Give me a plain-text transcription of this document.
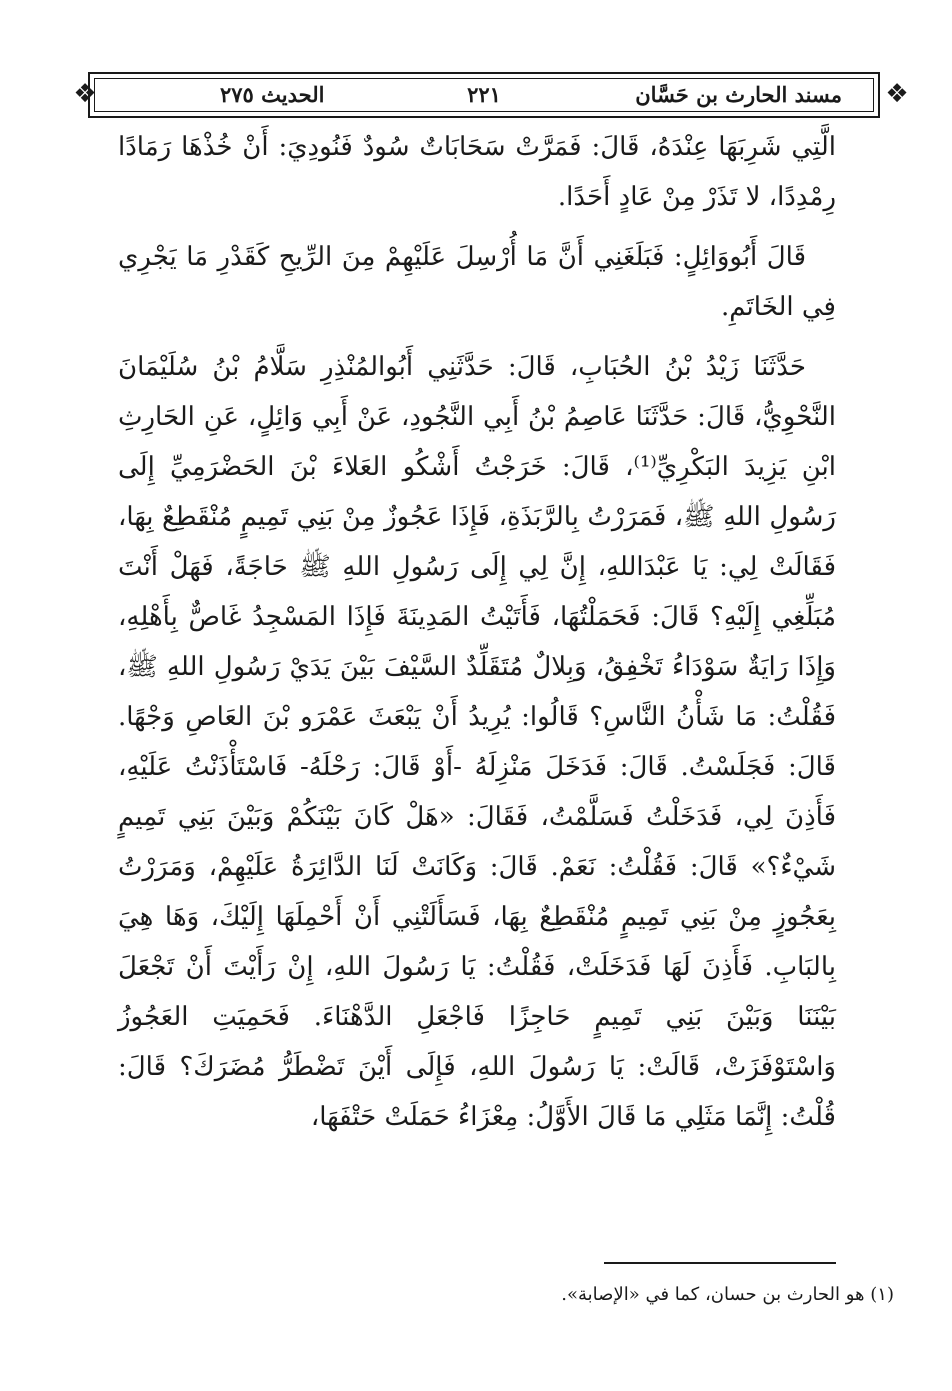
❖	❖
مسند الحارث بن حَسَّان
٢٢١
الحديث ٢٧٥

الَّتِي شَرِبَهَا عِنْدَهُ، قَالَ: فَمَرَّتْ سَحَابَاتٌ سُودٌ فَنُودِيَ: أَنْ خُذْهَا رَمَادًا رِمْدِدًا، لا تَذَرْ مِنْ عَادٍ أَحَدًا.

قَالَ أَبُووَائِلٍ: فَبَلَغَنِي أَنَّ مَا أُرْسِلَ عَلَيْهِمْ مِنَ الرِّيحِ كَقَدْرِ مَا يَجْرِي فِي الخَاتَمِ.

حَدَّثَنَا زَيْدُ بْنُ الحُبَابِ، قَالَ: حَدَّثَنِي أَبُوالمُنْذِرِ سَلَّامُ بْنُ سُلَيْمَانَ النَّحْوِيُّ، قَالَ: حَدَّثَنَا عَاصِمُ بْنُ أَبِي النَّجُودِ، عَنْ أَبِي وَائِلٍ، عَنِ الحَارِثِ ابْنِ يَزِيدَ البَكْرِيِّ⁽¹⁾، قَالَ: خَرَجْتُ أَشْكُو العَلاءَ بْنَ الحَضْرَمِيِّ إِلَى رَسُولِ اللهِ ﷺ، فَمَرَرْتُ بِالرَّبَذَةِ، فَإِذَا عَجُوزٌ مِنْ بَنِي تَمِيمٍ مُنْقَطِعٌ بِهَا، فَقَالَتْ لِي: يَا عَبْدَاللهِ، إِنَّ لِي إِلَى رَسُولِ اللهِ ﷺ حَاجَةً، فَهَلْ أَنْتَ مُبَلِّغِي إِلَيْهِ؟ قَالَ: فَحَمَلْتُهَا، فَأَتَيْتُ المَدِينَةَ فَإِذَا المَسْجِدُ غَاصٌّ بِأَهْلِهِ، وَإِذَا رَايَةٌ سَوْدَاءُ تَخْفِقُ، وَبِلالٌ مُتَقَلِّدٌ السَّيْفَ بَيْنَ يَدَيْ رَسُولِ اللهِ ﷺ، فَقُلْتُ: مَا شَأْنُ النَّاسِ؟ قَالُوا: يُرِيدُ أَنْ يَبْعَثَ عَمْرَو بْنَ العَاصِ وَجْهًا. قَالَ: فَجَلَسْتُ. قَالَ: فَدَخَلَ مَنْزِلَهُ -أَوْ قَالَ: رَحْلَهُ- فَاسْتَأْذَنْتُ عَلَيْهِ، فَأَذِنَ لِي، فَدَخَلْتُ فَسَلَّمْتُ، فَقَالَ: «هَلْ كَانَ بَيْنَكُمْ وَبَيْنَ بَنِي تَمِيمٍ شَيْءٌ؟» قَالَ: فَقُلْتُ: نَعَمْ. قَالَ: وَكَانَتْ لَنَا الدَّائِرَةُ عَلَيْهِمْ، وَمَرَرْتُ بِعَجُوزٍ مِنْ بَنِي تَمِيمٍ مُنْقَطِعٌ بِهَا، فَسَأَلَتْنِي أَنْ أَحْمِلَهَا إِلَيْكَ، وَهَا هِيَ بِالبَابِ. فَأَذِنَ لَهَا فَدَخَلَتْ، فَقُلْتُ: يَا رَسُولَ اللهِ، إِنْ رَأَيْتَ أَنْ تَجْعَلَ بَيْنَنَا وَبَيْنَ بَنِي تَمِيمٍ حَاجِزًا فَاجْعَلِ الدَّهْنَاءَ. فَحَمِيَتِ العَجُوزُ وَاسْتَوْفَزَتْ، قَالَتْ: يَا رَسُولَ اللهِ، فَإِلَى أَيْنَ تَضْطَرُّ مُضَرَكَ؟ قَالَ: قُلْتُ: إِنَّمَا مَثَلِي مَا قَالَ الأَوَّلُ: مِعْزَاءُ حَمَلَتْ حَتْفَهَا،

(١) هو الحارث بن حسان، كما في «الإصابة».
